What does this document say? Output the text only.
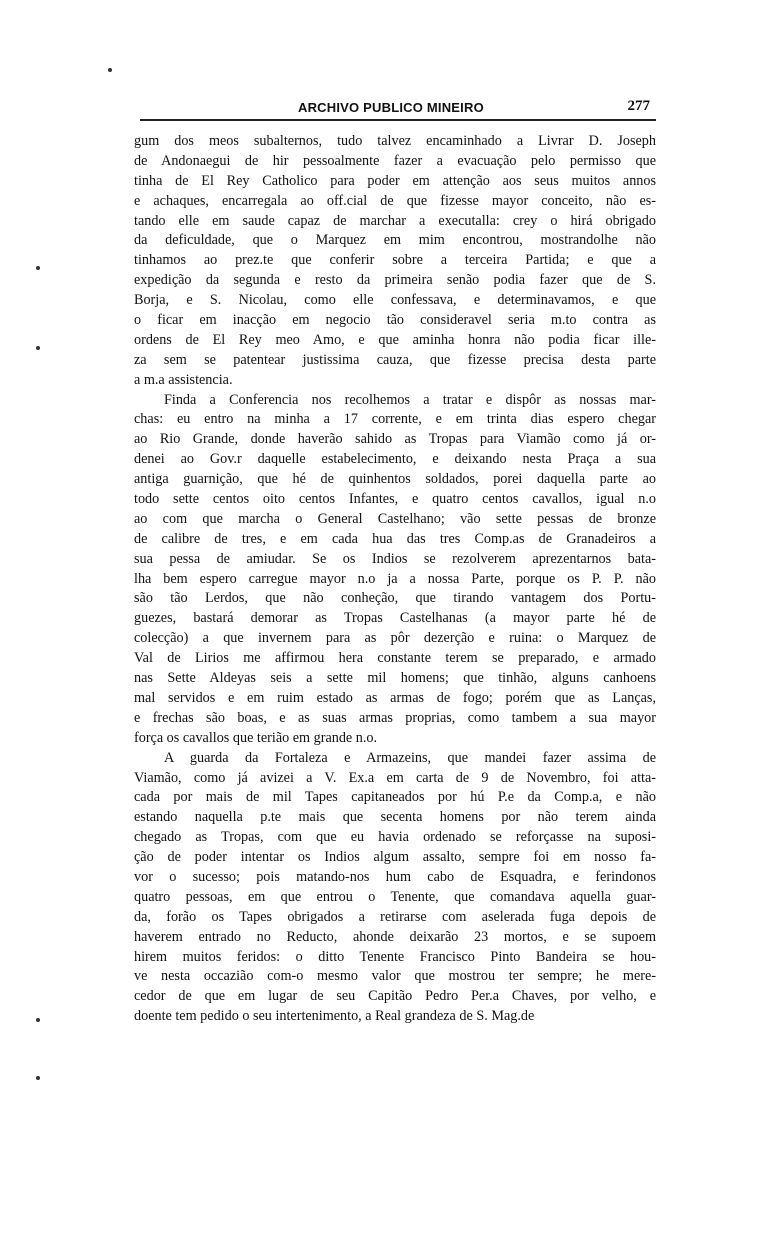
ARCHIVO PUBLICO MINEIRO	277
gum dos meos subalternos, tudo talvez encaminhado a Livrar D. Joseph
de Andonaegui de hir pessoalmente fazer a evacuação pelo permisso que
tinha de El Rey Catholico para poder em attenção aos seus muitos annos
e achaques, encarregala ao off.cial de que fizesse mayor conceito, não es-
tando elle em saude capaz de marchar a executalla: crey o hirá obrigado
da deficuldade, que o Marquez em mim encontrou, mostrandolhe não
tinhamos ao prez.te que conferir sobre a terceira Partida; e que a
expedição da segunda e resto da primeira senão podia fazer que de S.
Borja, e S. Nicolau, como elle confessava, e determinavamos, e que
o ficar em inacção em negocio tão consideravel seria m.to contra as
ordens de El Rey meo Amo, e que aminha honra não podia ficar ille-
za sem se patentear justissima cauza, que fizesse precisa desta parte
a m.a assistencia.
Finda a Conferencia nos recolhemos a tratar e dispôr as nossas mar-
chas: eu entro na minha a 17 corrente, e em trinta dias espero chegar
ao Rio Grande, donde haverão sahido as Tropas para Viamão como já or-
denei ao Gov.r daquelle estabelecimento, e deixando nesta Praça a sua
antiga guarnição, que hé de quinhentos soldados, porei daquella parte ao
todo sette centos oito centos Infantes, e quatro centos cavallos, igual n.o
ao com que marcha o General Castelhano; vão sette pessas de bronze
de calibre de tres, e em cada hua das tres Comp.as de Granadeiros a
sua pessa de amiudar. Se os Indios se rezolverem aprezentarnos bata-
lha bem espero carregue mayor n.o ja a nossa Parte, porque os P. P. não
são tão Lerdos, que não conheção, que tirando vantagem dos Portu-
guezes, bastará demorar as Tropas Castelhanas (a mayor parte hé de
colecção) a que invernem para as pôr dezerção e ruina: o Marquez de
Val de Lirios me affirmou hera constante terem se preparado, e armado
nas Sette Aldeyas seis a sette mil homens; que tinhão, alguns canhoens
mal servidos e em ruim estado as armas de fogo; porém que as Lanças,
e frechas são boas, e as suas armas proprias, como tambem a sua mayor
força os cavallos que terião em grande n.o.
A guarda da Fortaleza e Armazeins, que mandei fazer assima de
Viamão, como já avizei a V. Ex.a em carta de 9 de Novembro, foi atta-
cada por mais de mil Tapes capitaneados por hú P.e da Comp.a, e não
estando naquella p.te mais que secenta homens por não terem ainda
chegado as Tropas, com que eu havia ordenado se reforçasse na suposi-
ção de poder intentar os Indios algum assalto, sempre foi em nosso fa-
vor o sucesso; pois matando-nos hum cabo de Esquadra, e ferindonos
quatro pessoas, em que entrou o Tenente, que comandava aquella guar-
da, forão os Tapes obrigados a retirarse com aselerada fuga depois de
haverem entrado no Reducto, ahonde deixarão 23 mortos, e se supoem
hirem muitos feridos: o ditto Tenente Francisco Pinto Bandeira se hou-
ve nesta occazião com-o mesmo valor que mostrou ter sempre; he mere-
cedor de que em lugar de seu Capitão Pedro Per.a Chaves, por velho, e
doente tem pedido o seu intertenimento, a Real grandeza de S. Mag.de
